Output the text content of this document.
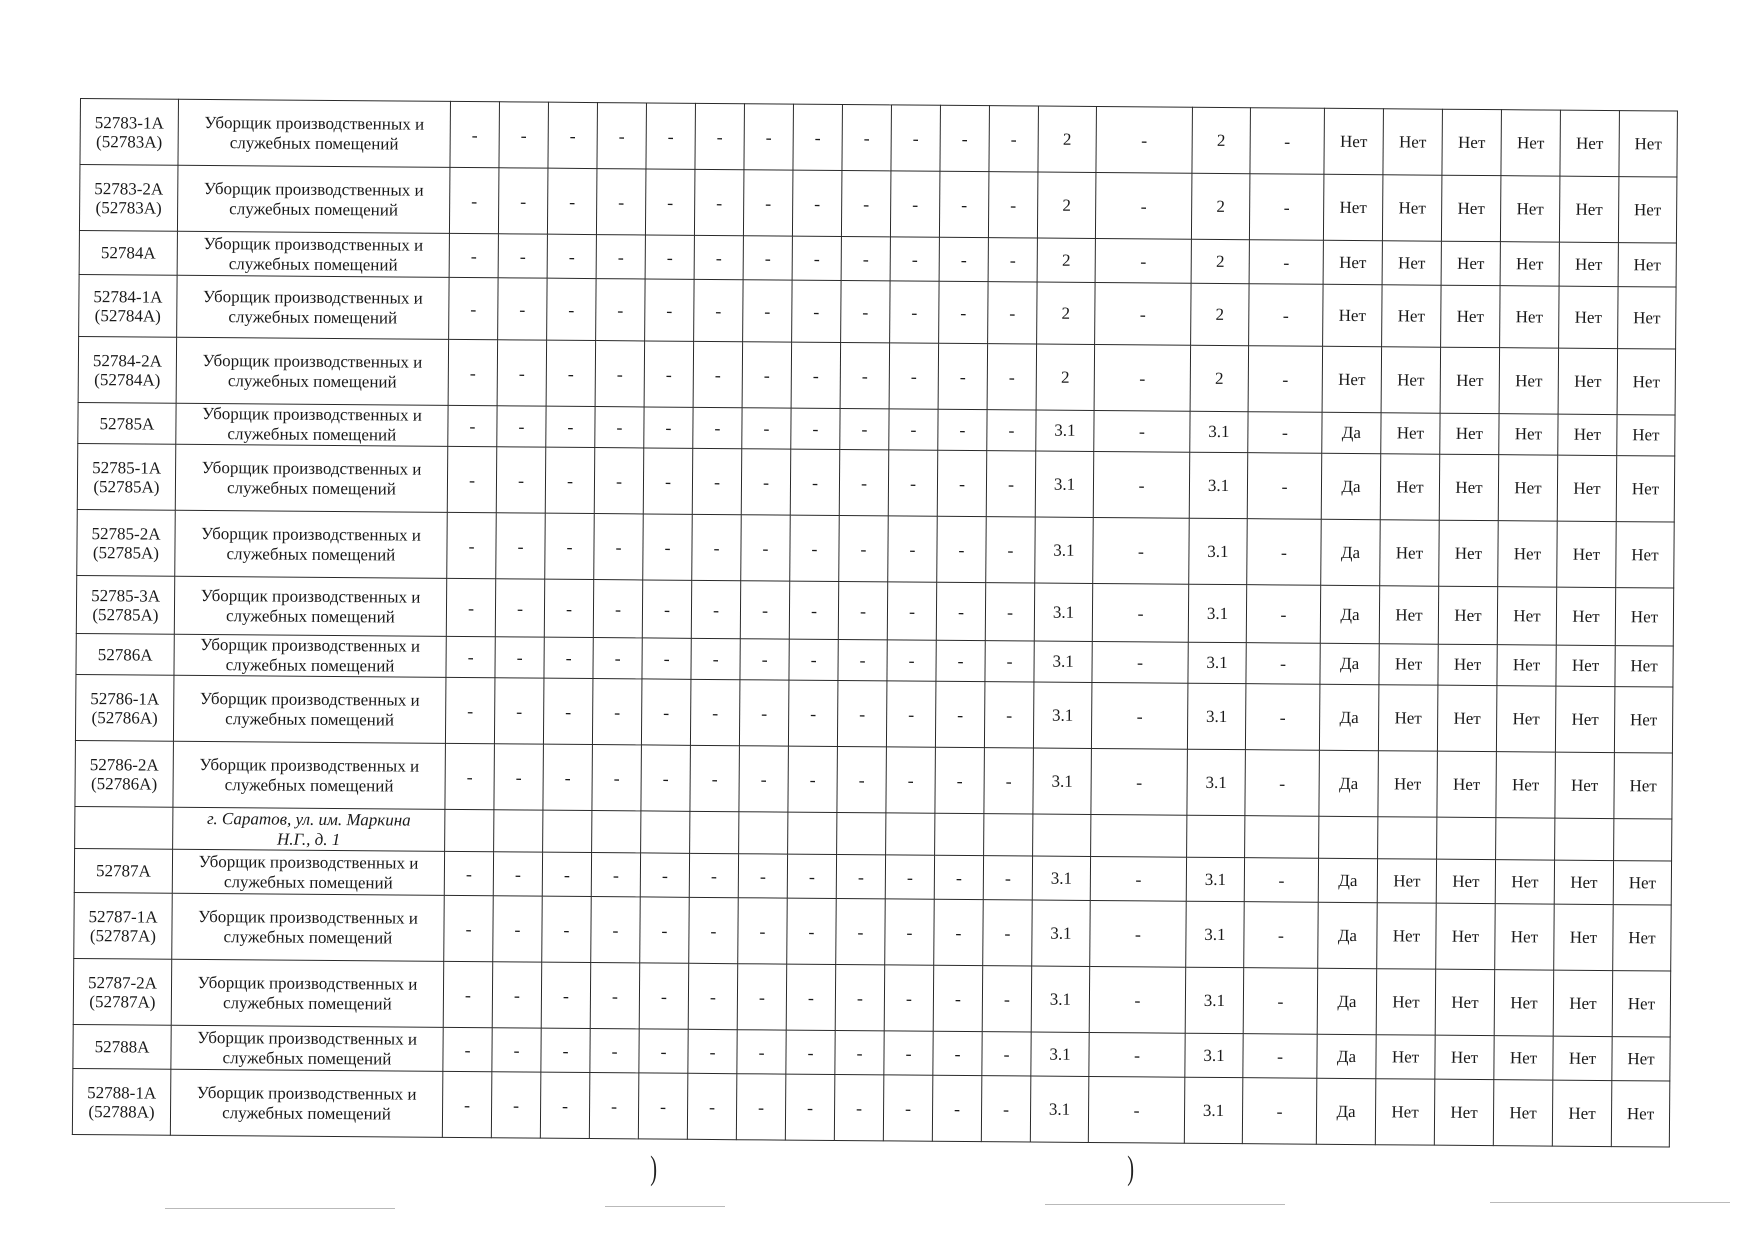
52783-1А
(52783А)	Уборщик производственных и
служебных помещений	-	-	-	-	-	-	-	-	-	-	-	-	2	-	2	-	Нет	Нет	Нет	Нет	Нет	Нет
52783-2А
(52783А)	Уборщик производственных и
служебных помещений	-	-	-	-	-	-	-	-	-	-	-	-	2	-	2	-	Нет	Нет	Нет	Нет	Нет	Нет
52784А	Уборщик производственных и
служебных помещений	-	-	-	-	-	-	-	-	-	-	-	-	2	-	2	-	Нет	Нет	Нет	Нет	Нет	Нет
52784-1А
(52784А)	Уборщик производственных и
служебных помещений	-	-	-	-	-	-	-	-	-	-	-	-	2	-	2	-	Нет	Нет	Нет	Нет	Нет	Нет
52784-2А
(52784А)	Уборщик производственных и
служебных помещений	-	-	-	-	-	-	-	-	-	-	-	-	2	-	2	-	Нет	Нет	Нет	Нет	Нет	Нет
52785А	Уборщик производственных и
служебных помещений	-	-	-	-	-	-	-	-	-	-	-	-	3.1	-	3.1	-	Да	Нет	Нет	Нет	Нет	Нет
52785-1А
(52785А)	Уборщик производственных и
служебных помещений	-	-	-	-	-	-	-	-	-	-	-	-	3.1	-	3.1	-	Да	Нет	Нет	Нет	Нет	Нет
52785-2А
(52785А)	Уборщик производственных и
служебных помещений	-	-	-	-	-	-	-	-	-	-	-	-	3.1	-	3.1	-	Да	Нет	Нет	Нет	Нет	Нет
52785-3А
(52785А)	Уборщик производственных и
служебных помещений	-	-	-	-	-	-	-	-	-	-	-	-	3.1	-	3.1	-	Да	Нет	Нет	Нет	Нет	Нет
52786А	Уборщик производственных и
служебных помещений	-	-	-	-	-	-	-	-	-	-	-	-	3.1	-	3.1	-	Да	Нет	Нет	Нет	Нет	Нет
52786-1А
(52786А)	Уборщик производственных и
служебных помещений	-	-	-	-	-	-	-	-	-	-	-	-	3.1	-	3.1	-	Да	Нет	Нет	Нет	Нет	Нет
52786-2А
(52786А)	Уборщик производственных и
служебных помещений	-	-	-	-	-	-	-	-	-	-	-	-	3.1	-	3.1	-	Да	Нет	Нет	Нет	Нет	Нет
	г. Саратов, ул. им. Маркина
Н.Г., д. 1																						
52787А	Уборщик производственных и
служебных помещений	-	-	-	-	-	-	-	-	-	-	-	-	3.1	-	3.1	-	Да	Нет	Нет	Нет	Нет	Нет
52787-1А
(52787А)	Уборщик производственных и
служебных помещений	-	-	-	-	-	-	-	-	-	-	-	-	3.1	-	3.1	-	Да	Нет	Нет	Нет	Нет	Нет
52787-2А
(52787А)	Уборщик производственных и
служебных помещений	-	-	-	-	-	-	-	-	-	-	-	-	3.1	-	3.1	-	Да	Нет	Нет	Нет	Нет	Нет
52788А	Уборщик производственных и
служебных помещений	-	-	-	-	-	-	-	-	-	-	-	-	3.1	-	3.1	-	Да	Нет	Нет	Нет	Нет	Нет
52788-1А
(52788А)	Уборщик производственных и
служебных помещений	-	-	-	-	-	-	-	-	-	-	-	-	3.1	-	3.1	-	Да	Нет	Нет	Нет	Нет	Нет
)	)
